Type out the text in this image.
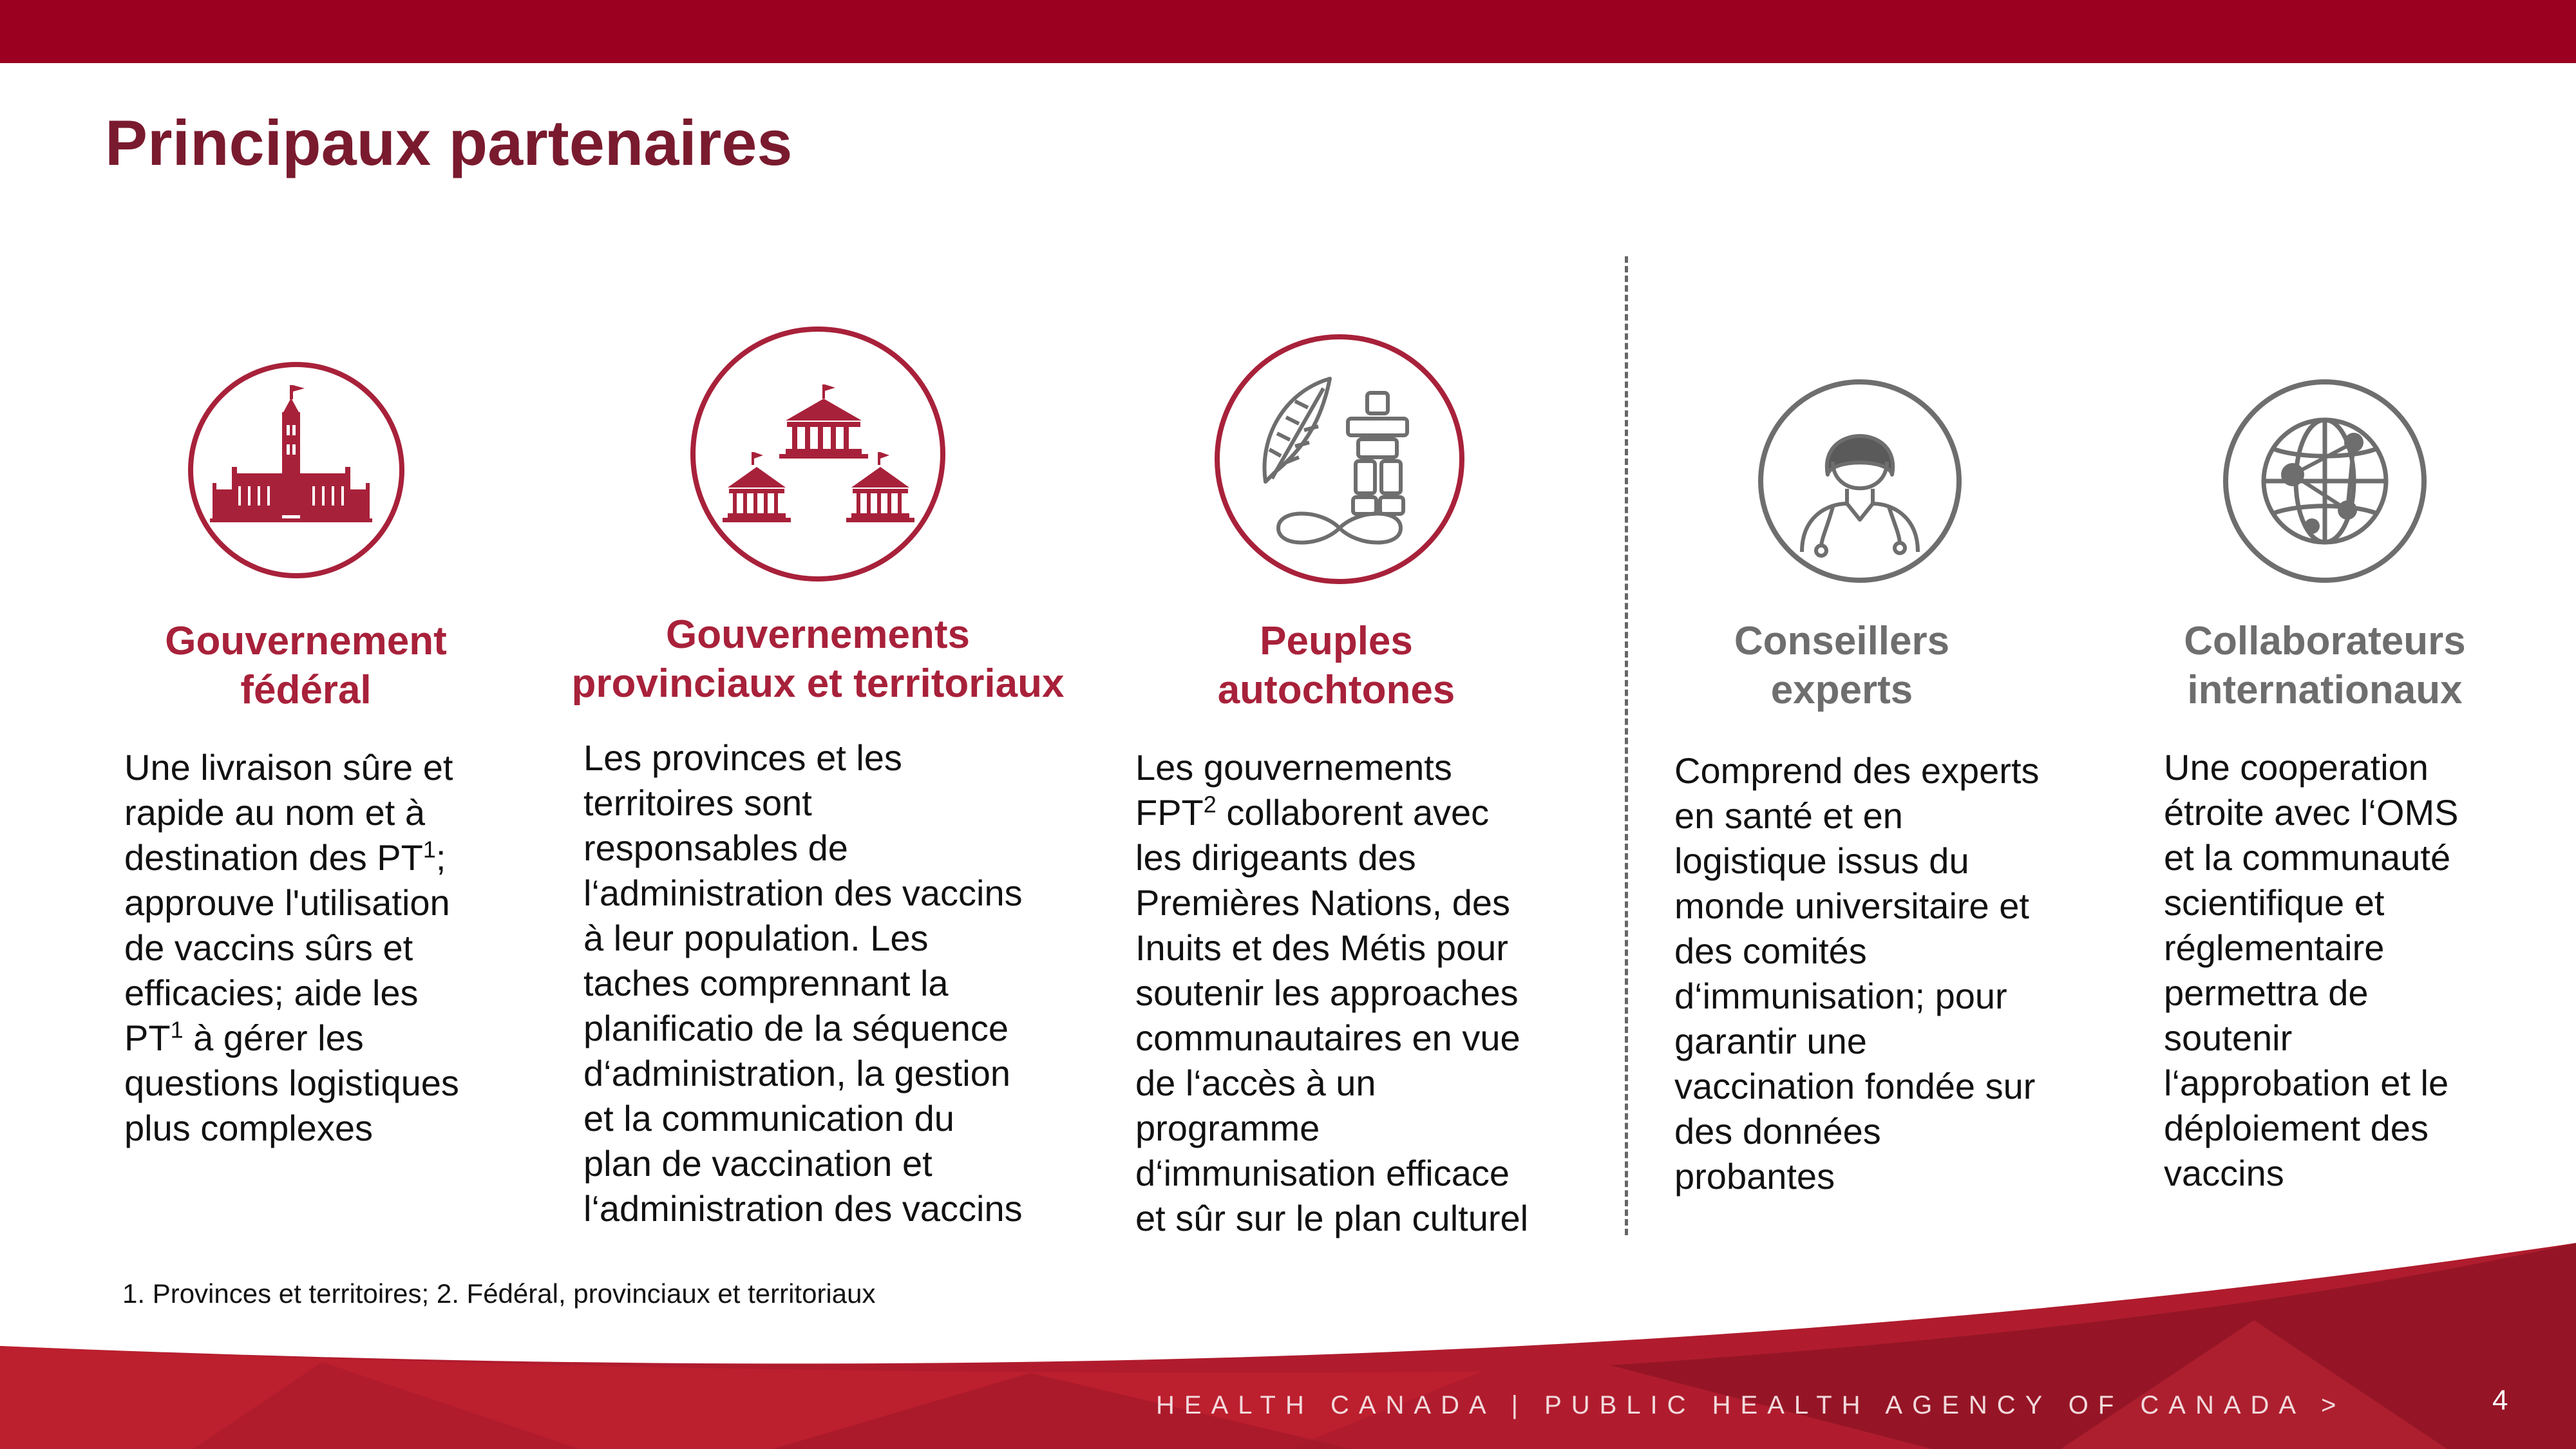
Principaux partenaires
Gouvernement
fédéral
Gouvernements
provinciaux et territoriaux
Peuples
autochtones
Conseillers
experts
Collaborateurs
internationaux

Une livraison sûre et
rapide au nom et à
destination des $PT^1$;
approuve l'utilisation
de vaccins sûrs et
efficacies; aide les
$PT^1$ à gérer les
questions logistiques
plus complexes

Les provinces et les
territoires sont
responsables de
l‘administration des vaccins
à leur population. Les
taches comprennant la
planificatio de la séquence
d‘administration, la gestion
et la communication du
plan de vaccination et
l‘administration des vaccins

Les gouvernements
FPT$^2$ collaborent avec
les dirigeants des
Premières Nations, des
Inuits et des Métis pour
soutenir les approaches
communautaires en vue
de l‘accès à un
programme
d‘immunisation efficace
et sûr sur le plan culturel

Comprend des experts
en santé et en
logistique issus du
monde universitaire et
des comités
d‘immunisation; pour
garantir une
vaccination fondée sur
des données
probantes

Une cooperation
étroite avec l‘OMS
et la communauté
scientifique et
réglementaire
permettra de
soutenir
l‘approbation et le
déploiement des
vaccins

1. Provinces et territoires; 2. Fédéral, provinciaux et territoriaux

HEALTH CANADA | PUBLIC HEALTH AGENCY OF CANADA >	4
